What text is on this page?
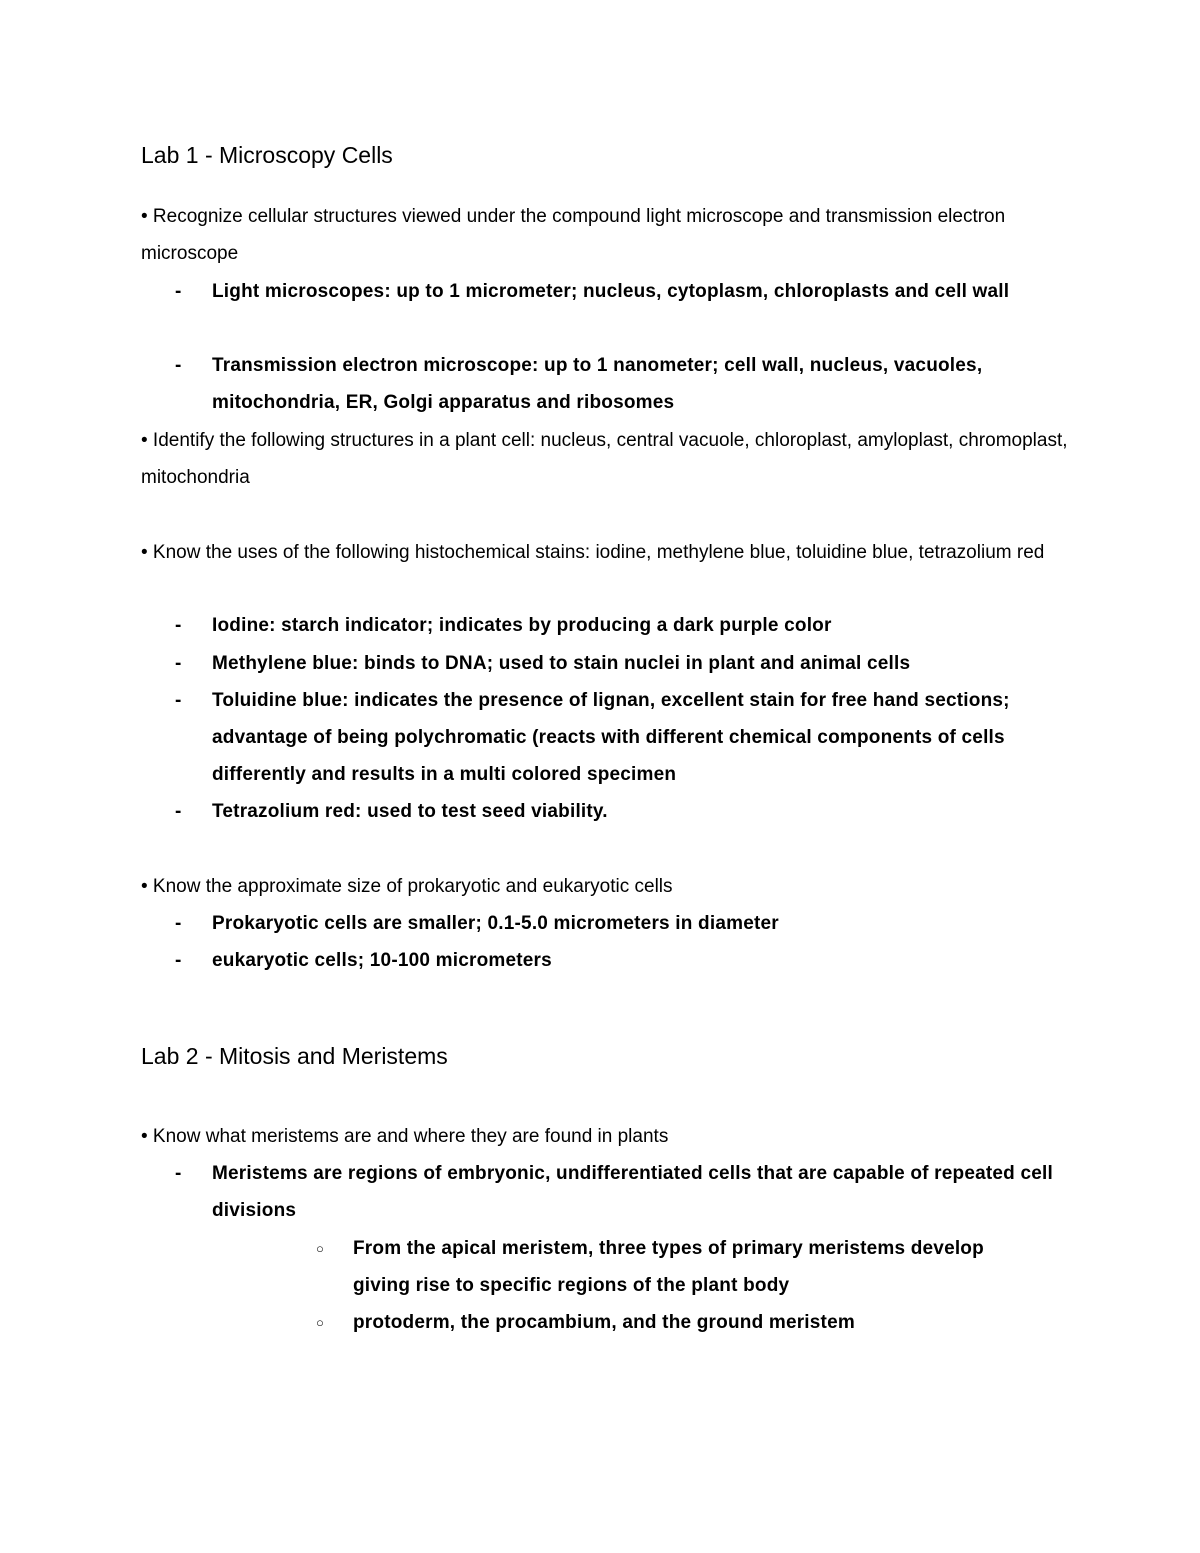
Lab 1 - Microscopy Cells

• Recognize cellular structures viewed under the compound light microscope and transmission electron microscope

- Light microscopes: up to 1 micrometer; nucleus, cytoplasm, chloroplasts and cell wall
- Transmission electron microscope: up to 1 nanometer; cell wall, nucleus, vacuoles, mitochondria, ER, Golgi apparatus and ribosomes

• Identify the following structures in a plant cell: nucleus, central vacuole, chloroplast, amyloplast, chromoplast, mitochondria

• Know the uses of the following histochemical stains: iodine, methylene blue, toluidine blue, tetrazolium red

- Iodine: starch indicator; indicates by producing a dark purple color
- Methylene blue: binds to DNA; used to stain nuclei in plant and animal cells
- Toluidine blue: indicates the presence of lignan, excellent stain for free hand sections; advantage of being polychromatic (reacts with different chemical components of cells differently and results in a multi colored specimen
- Tetrazolium red: used to test seed viability.

• Know the approximate size of prokaryotic and eukaryotic cells

- Prokaryotic cells are smaller; 0.1-5.0 micrometers in diameter
- eukaryotic cells; 10-100 micrometers
Lab 2 - Mitosis and Meristems

• Know what meristems are and where they are found in plants

- Meristems are regions of embryonic, undifferentiated cells that are capable of repeated cell divisions
○ From the apical meristem, three types of primary meristems develop giving rise to specific regions of the plant body
○ protoderm, the procambium, and the ground meristem
